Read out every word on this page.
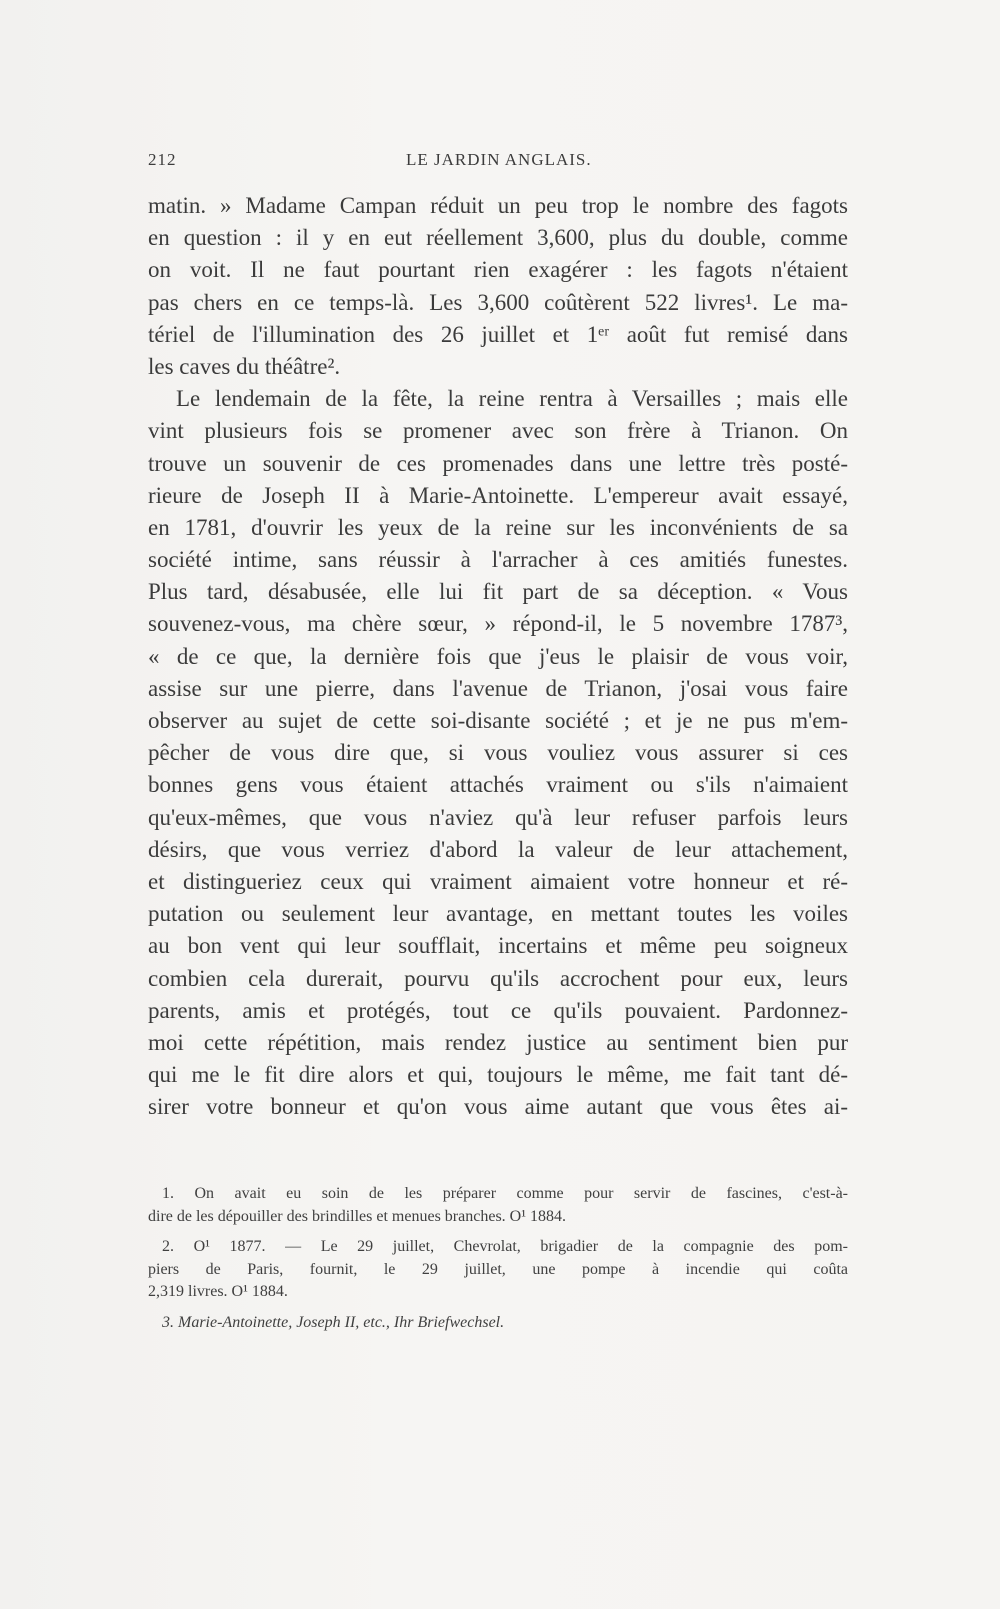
212	LE JARDIN ANGLAIS.
matin. » Madame Campan réduit un peu trop le nombre des fagots
en question : il y en eut réellement 3,600, plus du double, comme
on voit. Il ne faut pourtant rien exagérer : les fagots n'étaient
pas chers en ce temps-là. Les 3,600 coûtèrent 522 livres¹. Le ma-
tériel de l'illumination des 26 juillet et 1ᵉʳ août fut remisé dans
les caves du théâtre².
Le lendemain de la fête, la reine rentra à Versailles ; mais elle
vint plusieurs fois se promener avec son frère à Trianon. On
trouve un souvenir de ces promenades dans une lettre très posté-
rieure de Joseph II à Marie-Antoinette. L'empereur avait essayé,
en 1781, d'ouvrir les yeux de la reine sur les inconvénients de sa
société intime, sans réussir à l'arracher à ces amitiés funestes.
Plus tard, désabusée, elle lui fit part de sa déception. « Vous
souvenez-vous, ma chère sœur, » répond-il, le 5 novembre 1787³,
« de ce que, la dernière fois que j'eus le plaisir de vous voir,
assise sur une pierre, dans l'avenue de Trianon, j'osai vous faire
observer au sujet de cette soi-disante société ; et je ne pus m'em-
pêcher de vous dire que, si vous vouliez vous assurer si ces
bonnes gens vous étaient attachés vraiment ou s'ils n'aimaient
qu'eux-mêmes, que vous n'aviez qu'à leur refuser parfois leurs
désirs, que vous verriez d'abord la valeur de leur attachement,
et distingueriez ceux qui vraiment aimaient votre honneur et ré-
putation ou seulement leur avantage, en mettant toutes les voiles
au bon vent qui leur soufflait, incertains et même peu soigneux
combien cela durerait, pourvu qu'ils accrochent pour eux, leurs
parents, amis et protégés, tout ce qu'ils pouvaient. Pardonnez-
moi cette répétition, mais rendez justice au sentiment bien pur
qui me le fit dire alors et qui, toujours le même, me fait tant dé-
sirer votre bonneur et qu'on vous aime autant que vous êtes ai-
1. On avait eu soin de les préparer comme pour servir de fascines, c'est-à-
dire de les dépouiller des brindilles et menues branches. O¹ 1884.
2. O¹ 1877. — Le 29 juillet, Chevrolat, brigadier de la compagnie des pom-
piers de Paris, fournit, le 29 juillet, une pompe à incendie qui coûta
2,319 livres. O¹ 1884.
3. Marie-Antoinette, Joseph II, etc., Ihr Briefwechsel.
